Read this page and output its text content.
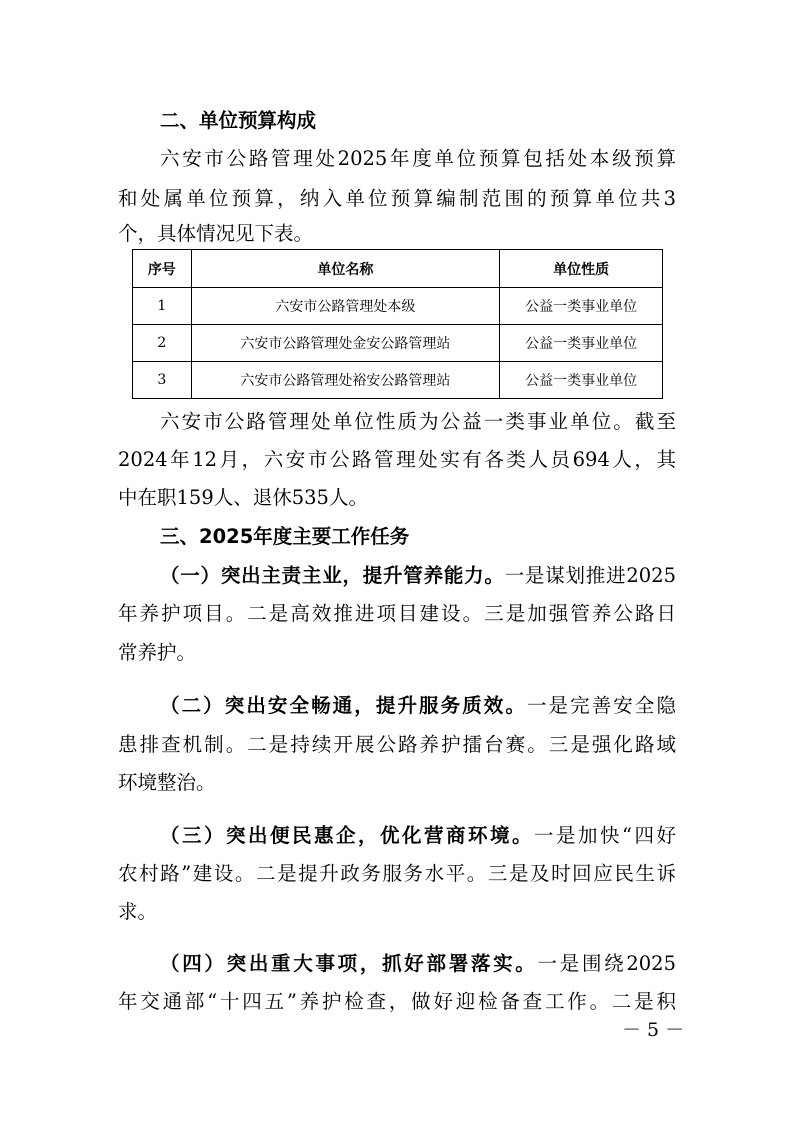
二、单位预算构成
六安市公路管理处2025年度单位预算包括处本级预算
和处属单位预算，纳入单位预算编制范围的预算单位共3
个，具体情况见下表。
序号	单位名称	单位性质
1	六安市公路管理处本级	公益一类事业单位
2	六安市公路管理处金安公路管理站	公益一类事业单位
3	六安市公路管理处裕安公路管理站	公益一类事业单位
六安市公路管理处单位性质为公益一类事业单位。截至
2024年12月，六安市公路管理处实有各类人员694人，其
中在职159人、退休535人。
三、2025年度主要工作任务
（一）突出主责主业，提升管养能力。一是谋划推进2025
年养护项目。二是高效推进项目建设。三是加强管养公路日
常养护。
（二）突出安全畅通，提升服务质效。一是完善安全隐
患排查机制。二是持续开展公路养护擂台赛。三是强化路域
环境整治。
（三）突出便民惠企，优化营商环境。一是加快“四好
农村路”建设。二是提升政务服务水平。三是及时回应民生诉
求。
（四）突出重大事项，抓好部署落实。一是围绕2025
年交通部“十四五”养护检查，做好迎检备查工作。二是积
－ 5 －
